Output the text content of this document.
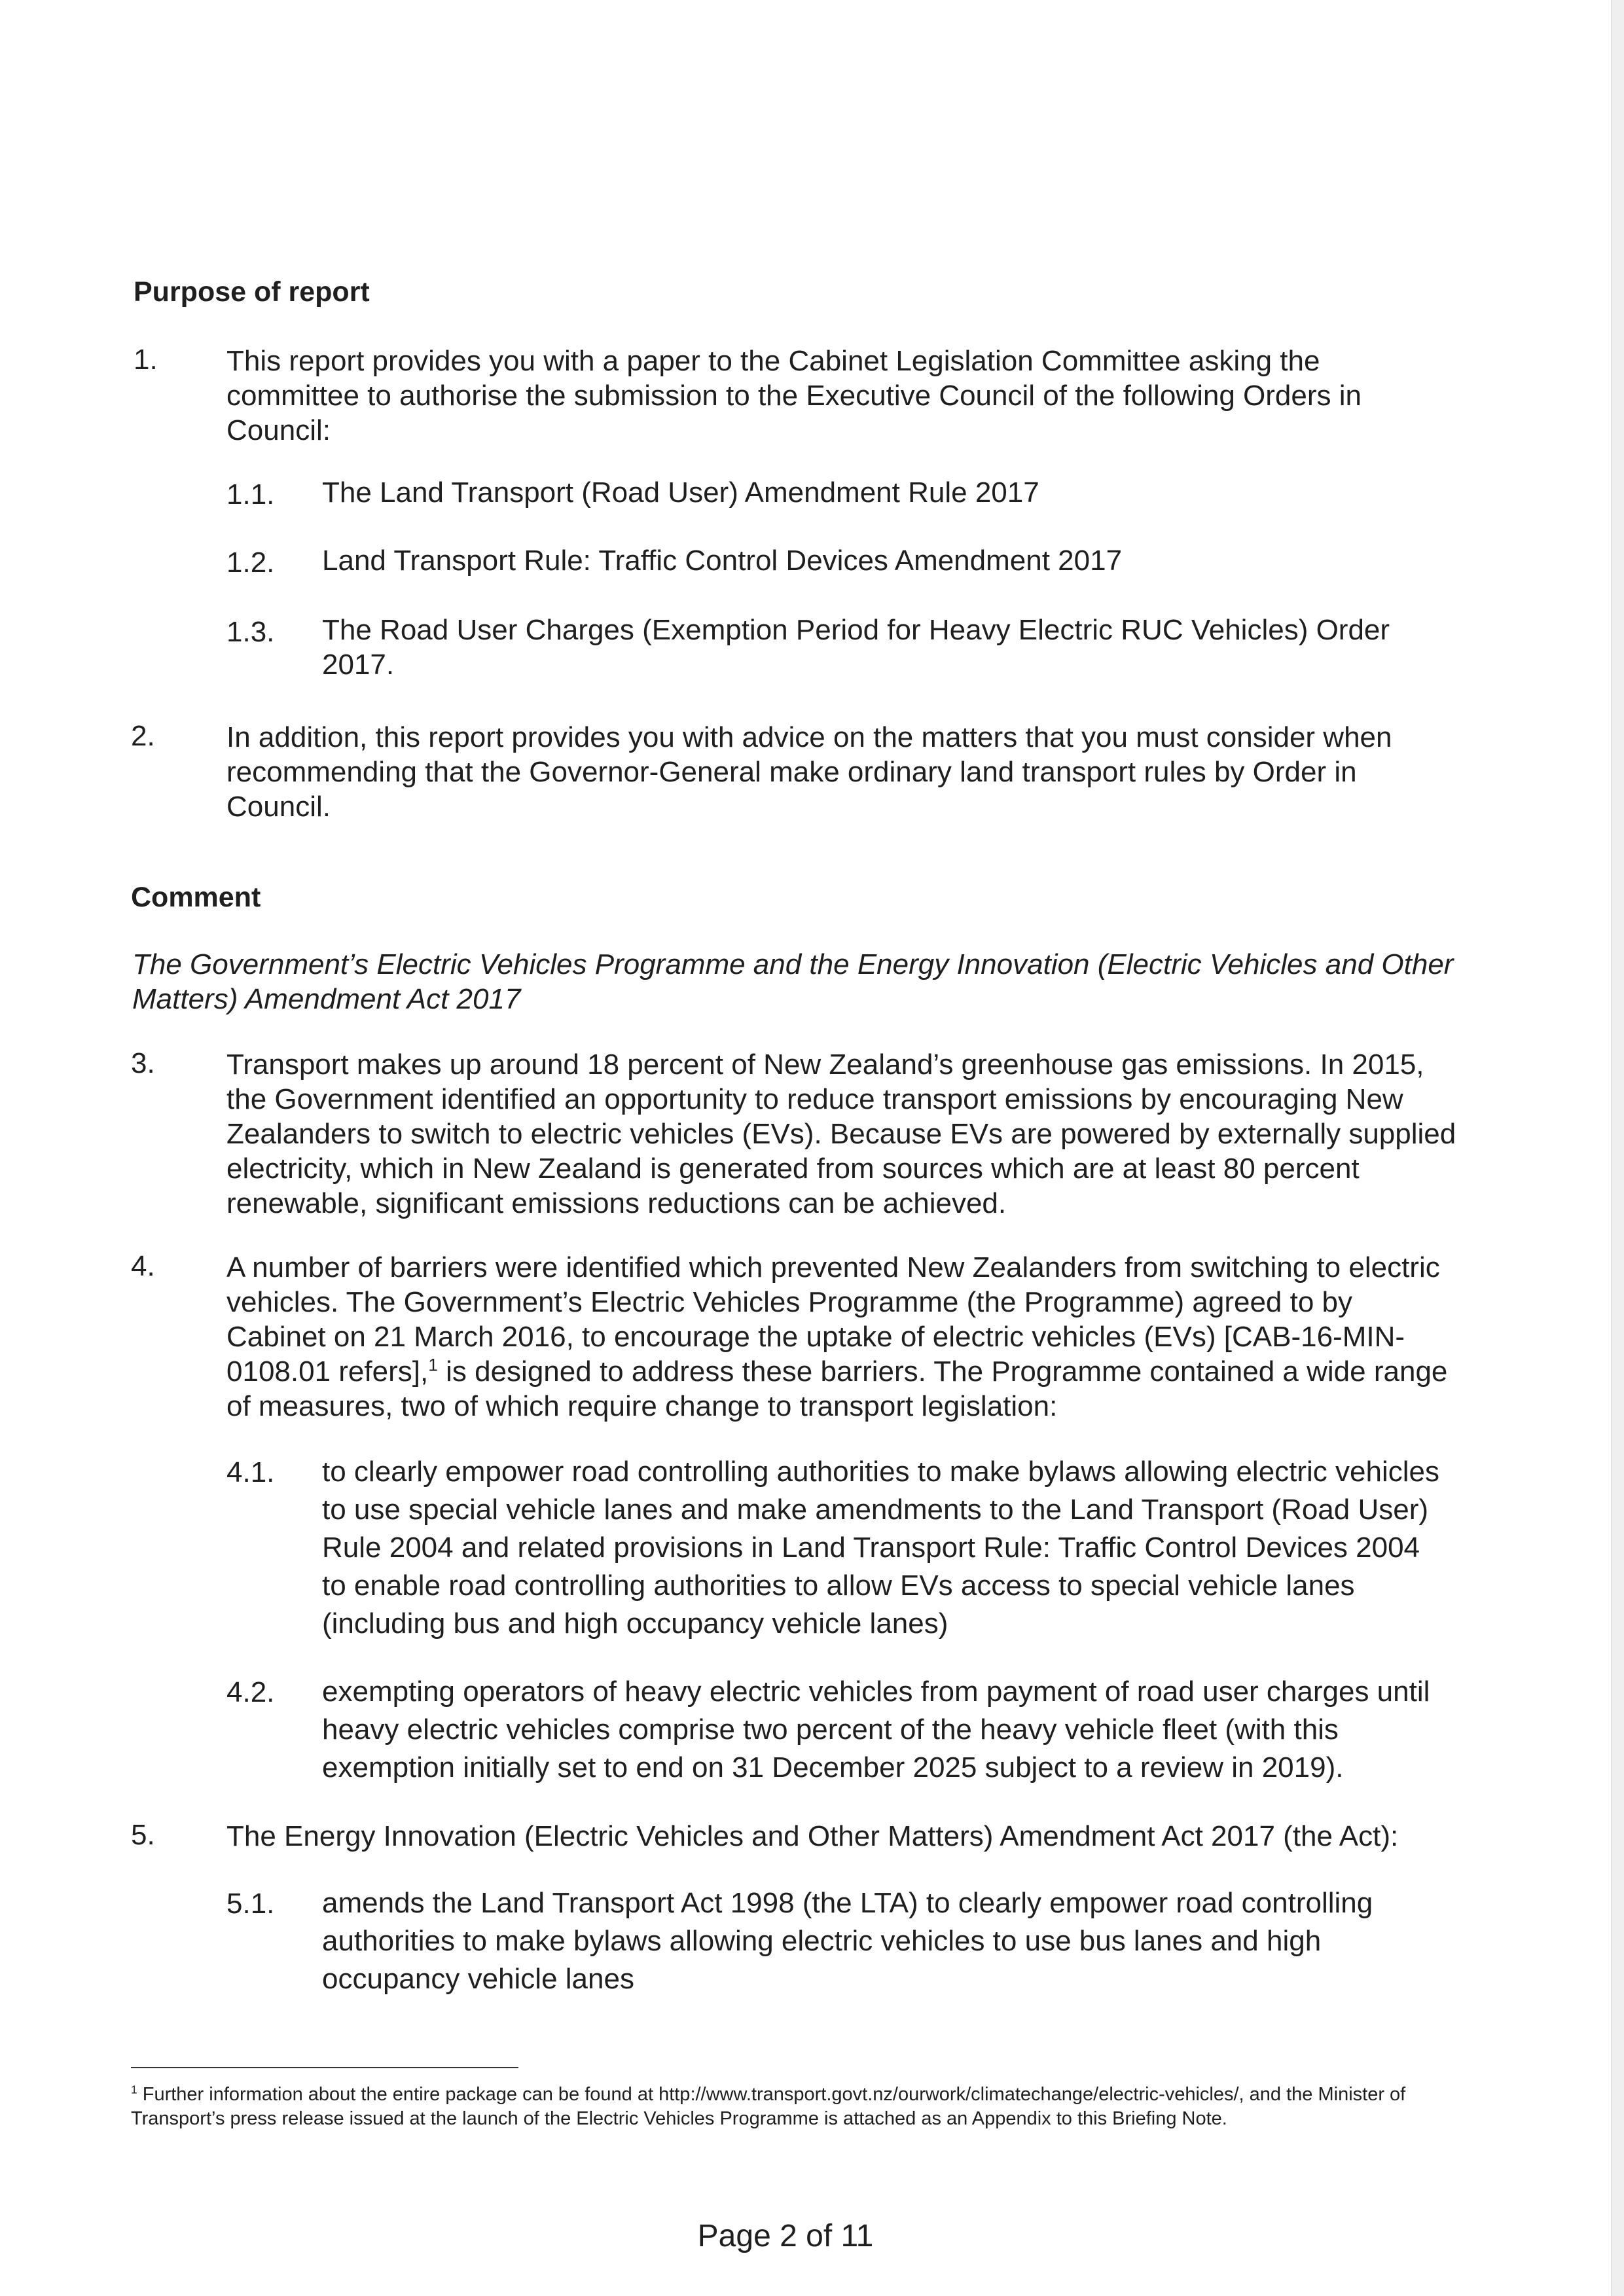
Purpose of report
1. This report provides you with a paper to the Cabinet Legislation Committee asking the committee to authorise the submission to the Executive Council of the following Orders in Council:

1.1. The Land Transport (Road User) Amendment Rule 2017

1.2. Land Transport Rule: Traffic Control Devices Amendment 2017

1.3. The Road User Charges (Exemption Period for Heavy Electric RUC Vehicles) Order 2017.

2. In addition, this report provides you with advice on the matters that you must consider when recommending that the Governor-General make ordinary land transport rules by Order in Council.

Comment

The Government’s Electric Vehicles Programme and the Energy Innovation (Electric Vehicles and Other Matters) Amendment Act 2017

3. Transport makes up around 18 percent of New Zealand’s greenhouse gas emissions. In 2015, the Government identified an opportunity to reduce transport emissions by encouraging New Zealanders to switch to electric vehicles (EVs). Because EVs are powered by externally supplied electricity, which in New Zealand is generated from sources which are at least 80 percent renewable, significant emissions reductions can be achieved.

4. A number of barriers were identified which prevented New Zealanders from switching to electric vehicles. The Government’s Electric Vehicles Programme (the Programme) agreed to by Cabinet on 21 March 2016, to encourage the uptake of electric vehicles (EVs) [CAB-16-MIN-0108.01 refers],$^1$ is designed to address these barriers. The Programme contained a wide range of measures, two of which require change to transport legislation:

4.1. to clearly empower road controlling authorities to make bylaws allowing electric vehicles to use special vehicle lanes and make amendments to the Land Transport (Road User) Rule 2004 and related provisions in Land Transport Rule: Traffic Control Devices 2004 to enable road controlling authorities to allow EVs access to special vehicle lanes (including bus and high occupancy vehicle lanes)

4.2. exempting operators of heavy electric vehicles from payment of road user charges until heavy electric vehicles comprise two percent of the heavy vehicle fleet (with this exemption initially set to end on 31 December 2025 subject to a review in 2019).

5. The Energy Innovation (Electric Vehicles and Other Matters) Amendment Act 2017 (the Act):

5.1. amends the Land Transport Act 1998 (the LTA) to clearly empower road controlling authorities to make bylaws allowing electric vehicles to use bus lanes and high occupancy vehicle lanes

$^1$ Further information about the entire package can be found at http://www.transport.govt.nz/ourwork/climatechange/electric-vehicles/, and the Minister of Transport’s press release issued at the launch of the Electric Vehicles Programme is attached as an Appendix to this Briefing Note.

Page 2 of 11
